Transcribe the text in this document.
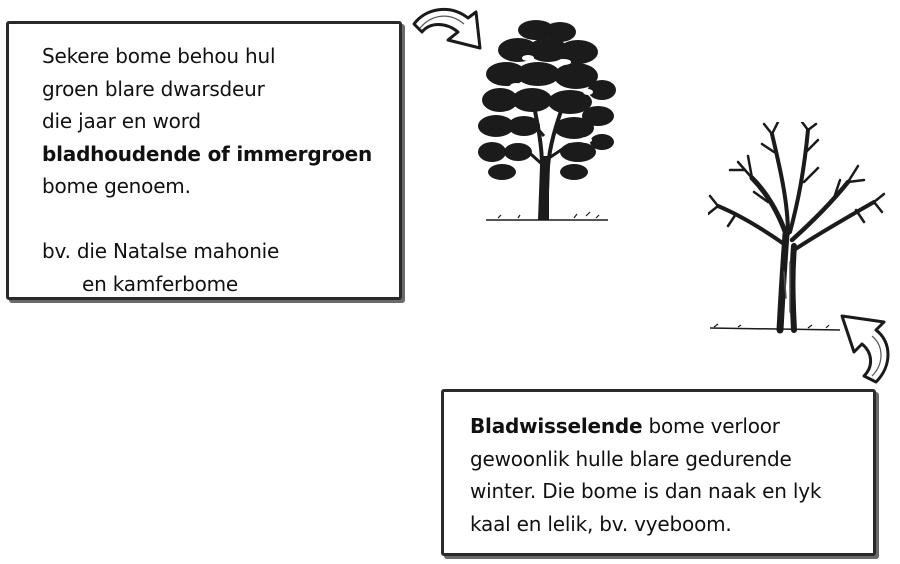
Sekere bome behou hul
groen blare dwarsdeur
die jaar en word
bladhoudende of immergroen
bome genoem.
bv. die Natalse mahonie
en kamferbome

Bladwisselende bome verloor
gewoonlik hulle blare gedurende
winter. Die bome is dan naak en lyk
kaal en lelik, bv. vyeboom.
